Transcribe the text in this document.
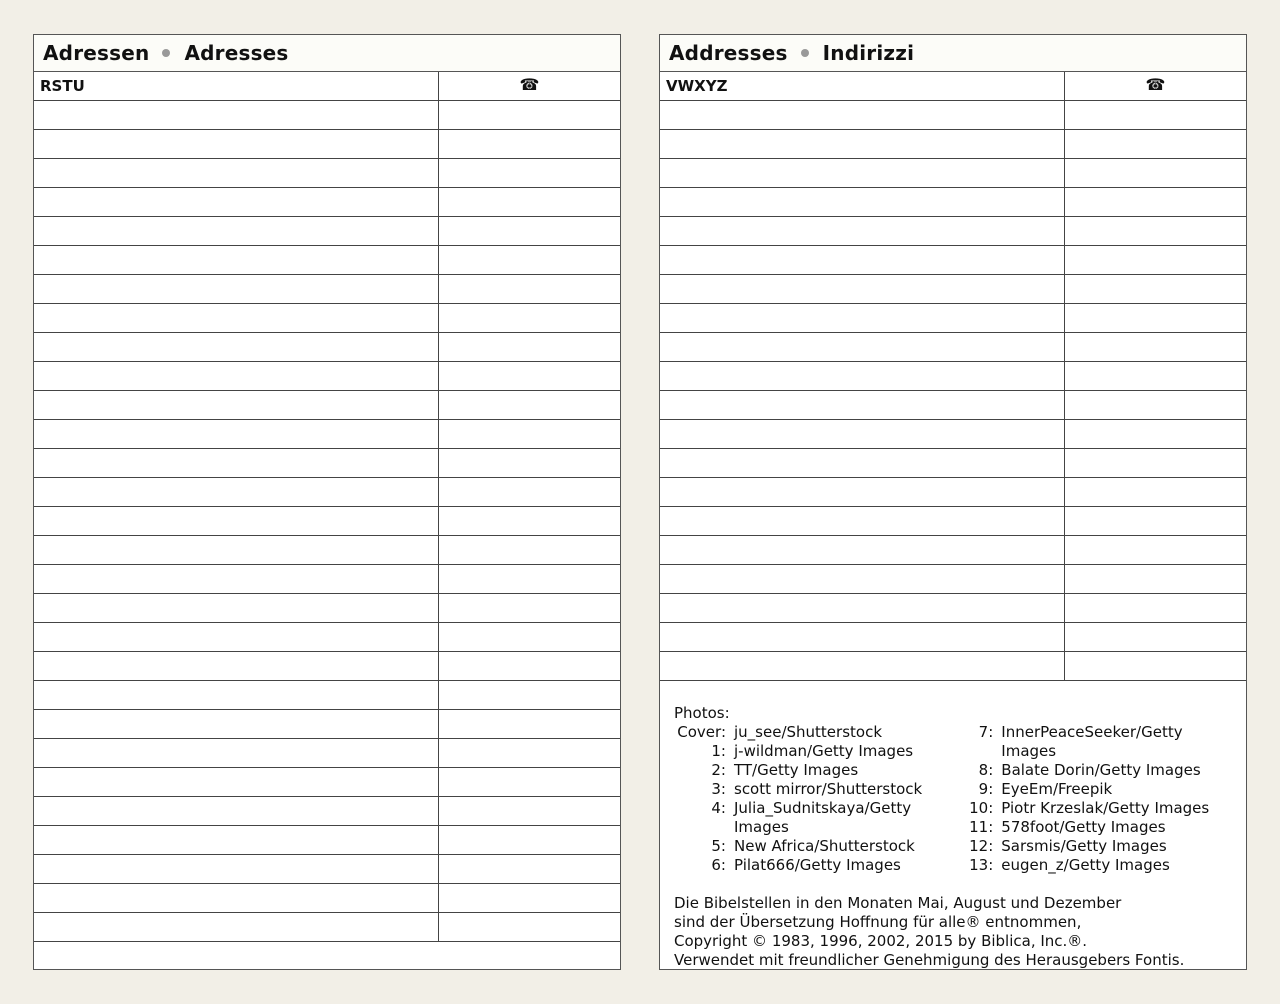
Adressen Adresses
RSTU	☎
Addresses Indirizzi
VWXYZ	☎
Photos:
Cover: ju_see/Shutterstock
1: j-wildman/Getty Images
2: TT/Getty Images
3: scott mirror/Shutterstock
4: Julia_Sudnitskaya/Getty Images
5: New Africa/Shutterstock
6: Pilat666/Getty Images
7: InnerPeaceSeeker/Getty Images
8: Balate Dorin/Getty Images
9: EyeEm/Freepik
10: Piotr Krzeslak/Getty Images
11: 578foot/Getty Images
12: Sarsmis/Getty Images
13: eugen_z/Getty Images
Die Bibelstellen in den Monaten Mai, August und Dezember
sind der Übersetzung Hoffnung für alle® entnommen,
Copyright © 1983, 1996, 2002, 2015 by Biblica, Inc.®.
Verwendet mit freundlicher Genehmigung des Herausgebers Fontis.
